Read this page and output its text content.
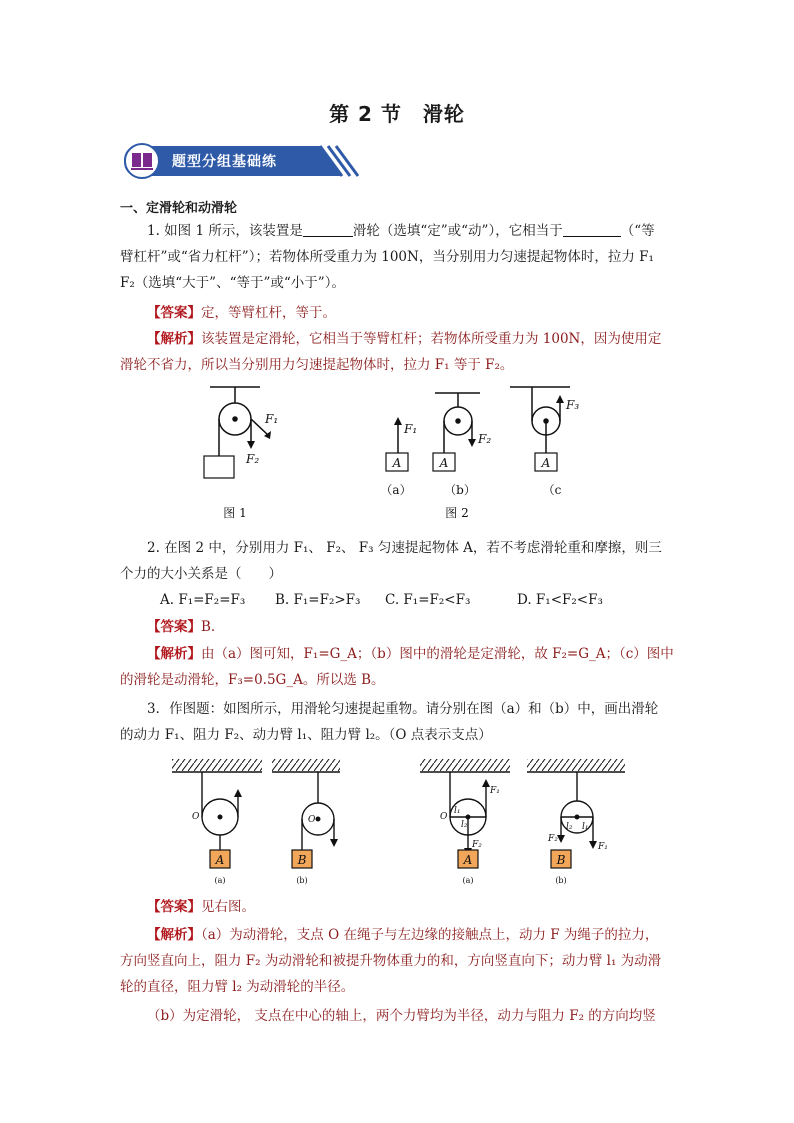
第 2 节　滑轮
题型分组基础练
一、定滑轮和动滑轮

1. 如图 1 所示，该装置是	滑轮（选填“定”或“动”），它相当于	（“等

臂杠杆”或“省力杠杆”）；若物体所受重力为 100N，当分别用力匀速提起物体时，拉力 F₁

F₂（选填“大于”、“等于”或“小于”）。

【答案】定，等臂杠杆，等于。

【解析】该装置是定滑轮，它相当于等臂杠杆；若物体所受重力为 100N，因为使用定

滑轮不省力，所以当分别用力匀速提起物体时，拉力 F₁ 等于 F₂。

F₁
F₂
F₁
F₂
F₃
A	A	A
（a）	（b）	（c
图 1	图 2

2. 在图 2 中，分别用力 F₁、 F₂、 F₃ 匀速提起物体 A，若不考虑滑轮重和摩擦，则三

个力的大小关系是（　　）

A. F₁=F₂=F₃ B. F₁=F₂>F₃ C. F₁=F₂<F₃	D. F₁<F₂<F₃

【答案】B.

【解析】由（a）图可知，F₁=G_A；（b）图中的滑轮是定滑轮，故 F₂=G_A；（c）图中

的滑轮是动滑轮，F₃=0.5G_A。所以选 B。

3．作图题：如图所示，用滑轮匀速提起重物。请分别在图（a）和（b）中，画出滑轮

的动力 F₁、阻力 F₂、动力臂 l₁、阻力臂 l₂。（O 点表示支点）

A	B	A	B
O	O	O
F₁
F₂
l₁
l₂
F₂
F₁
l₂ l₁
(a)	(b)	(a)	(b)

【答案】见右图。

【解析】（a）为动滑轮，支点 O 在绳子与左边缘的接触点上，动力 F 为绳子的拉力，

方向竖直向上，阻力 F₂ 为动滑轮和被提升物体重力的和，方向竖直向下；动力臂 l₁ 为动滑

轮的直径，阻力臂 l₂ 为动滑轮的半径。

（b）为定滑轮， 支点在中心的轴上，两个力臂均为半径，动力与阻力 F₂ 的方向均竖
